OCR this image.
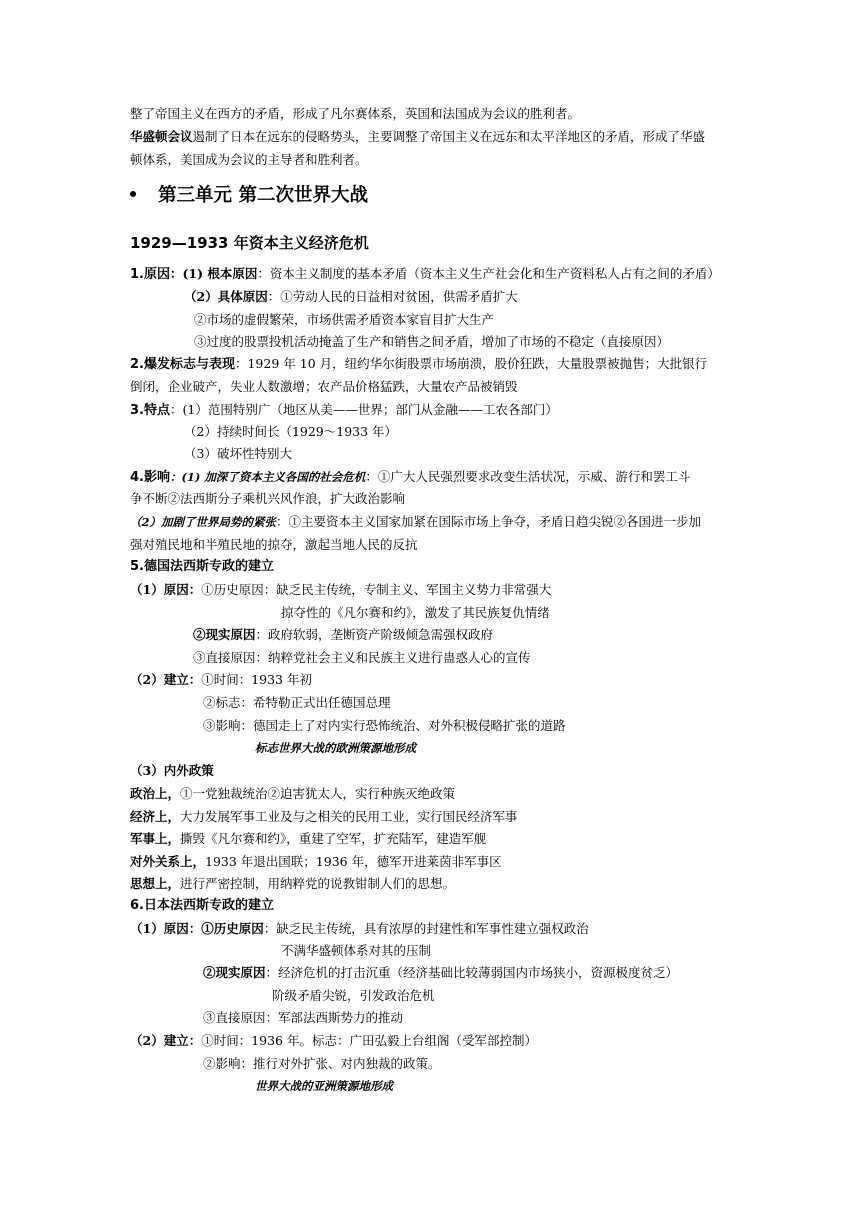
整了帝国主义在西方的矛盾，形成了凡尔赛体系，英国和法国成为会议的胜利者。
华盛顿会议遏制了日本在远东的侵略势头，主要调整了帝国主义在远东和太平洋地区的矛盾，形成了华盛
顿体系，美国成为会议的主导者和胜利者。
第三单元 第二次世界大战
1929—1933 年资本主义经济危机
1.原因：(1) 根本原因：资本主义制度的基本矛盾（资本主义生产社会化和生产资料私人占有之间的矛盾）
（2）具体原因：①劳动人民的日益相对贫困，供需矛盾扩大
②市场的虚假繁荣，市场供需矛盾资本家盲目扩大生产
③过度的股票投机活动掩盖了生产和销售之间矛盾，增加了市场的不稳定（直接原因）
2.爆发标志与表现：1929 年 10 月，纽约华尔街股票市场崩溃，股价狂跌，大量股票被抛售；大批银行
倒闭，企业破产，失业人数激增；农产品价格猛跌，大量农产品被销毁
3.特点：(1）范围特别广（地区从美——世界；部门从金融——工农各部门）
（2）持续时间长（1929～1933 年）
（3）破坏性特别大
4.影响：(1) 加深了资本主义各国的社会危机：①广大人民强烈要求改变生活状况，示威、游行和罢工斗
争不断②法西斯分子乘机兴风作浪，扩大政治影响
（2）加剧了世界局势的紧张：①主要资本主义国家加紧在国际市场上争夺，矛盾日趋尖锐②各国进一步加
强对殖民地和半殖民地的掠夺，激起当地人民的反抗
5.德国法西斯专政的建立
（1）原因：①历史原因：缺乏民主传统，专制主义、军国主义势力非常强大
掠夺性的《凡尔赛和约》，激发了其民族复仇情绪
②现实原因：政府软弱，垄断资产阶级倾急需强权政府
③直接原因：纳粹党社会主义和民族主义进行蛊惑人心的宣传
（2）建立：①时间：1933 年初
②标志：希特勒正式出任德国总理
③影响：德国走上了对内实行恐怖统治、对外积极侵略扩张的道路
标志世界大战的欧洲策源地形成
（3）内外政策
政治上，①一党独裁统治②迫害犹太人，实行种族灭绝政策
经济上，大力发展军事工业及与之相关的民用工业，实行国民经济军事
军事上，撕毁《凡尔赛和约》，重建了空军，扩充陆军，建造军舰
对外关系上，1933 年退出国联；1936 年，德军开进莱茵非军事区
思想上，进行严密控制，用纳粹党的说教钳制人们的思想。
6.日本法西斯专政的建立
（1）原因：①历史原因：缺乏民主传统，具有浓厚的封建性和军事性建立强权政治
不满华盛顿体系对其的压制
②现实原因：经济危机的打击沉重（经济基础比较薄弱国内市场狭小，资源极度贫乏）
阶级矛盾尖锐，引发政治危机
③直接原因：军部法西斯势力的推动
（2）建立：①时间：1936 年。标志：广田弘毅上台组阁（受军部控制）
②影响：推行对外扩张、对内独裁的政策。
世界大战的亚洲策源地形成
